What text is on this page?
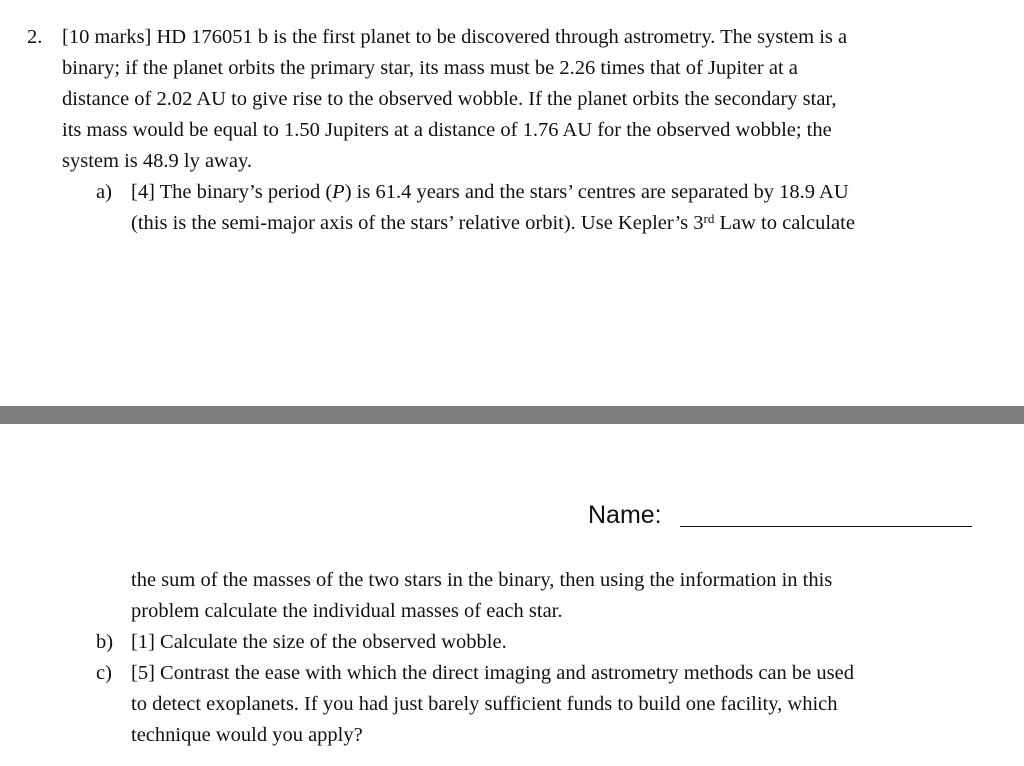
2. [10 marks] HD 176051 b is the first planet to be discovered through astrometry. The system is a
binary; if the planet orbits the primary star, its mass must be 2.26 times that of Jupiter at a
distance of 2.02 AU to give rise to the observed wobble. If the planet orbits the secondary star,
its mass would be equal to 1.50 Jupiters at a distance of 1.76 AU for the observed wobble; the
system is 48.9 ly away.
a) [4] The binary’s period (P) is 61.4 years and the stars’ centres are separated by 18.9 AU
(this is the semi-major axis of the stars’ relative orbit). Use Kepler’s 3rd Law to calculate
Name:
the sum of the masses of the two stars in the binary, then using the information in this
problem calculate the individual masses of each star.
b) [1] Calculate the size of the observed wobble.
c) [5] Contrast the ease with which the direct imaging and astrometry methods can be used
to detect exoplanets. If you had just barely sufficient funds to build one facility, which
technique would you apply?
